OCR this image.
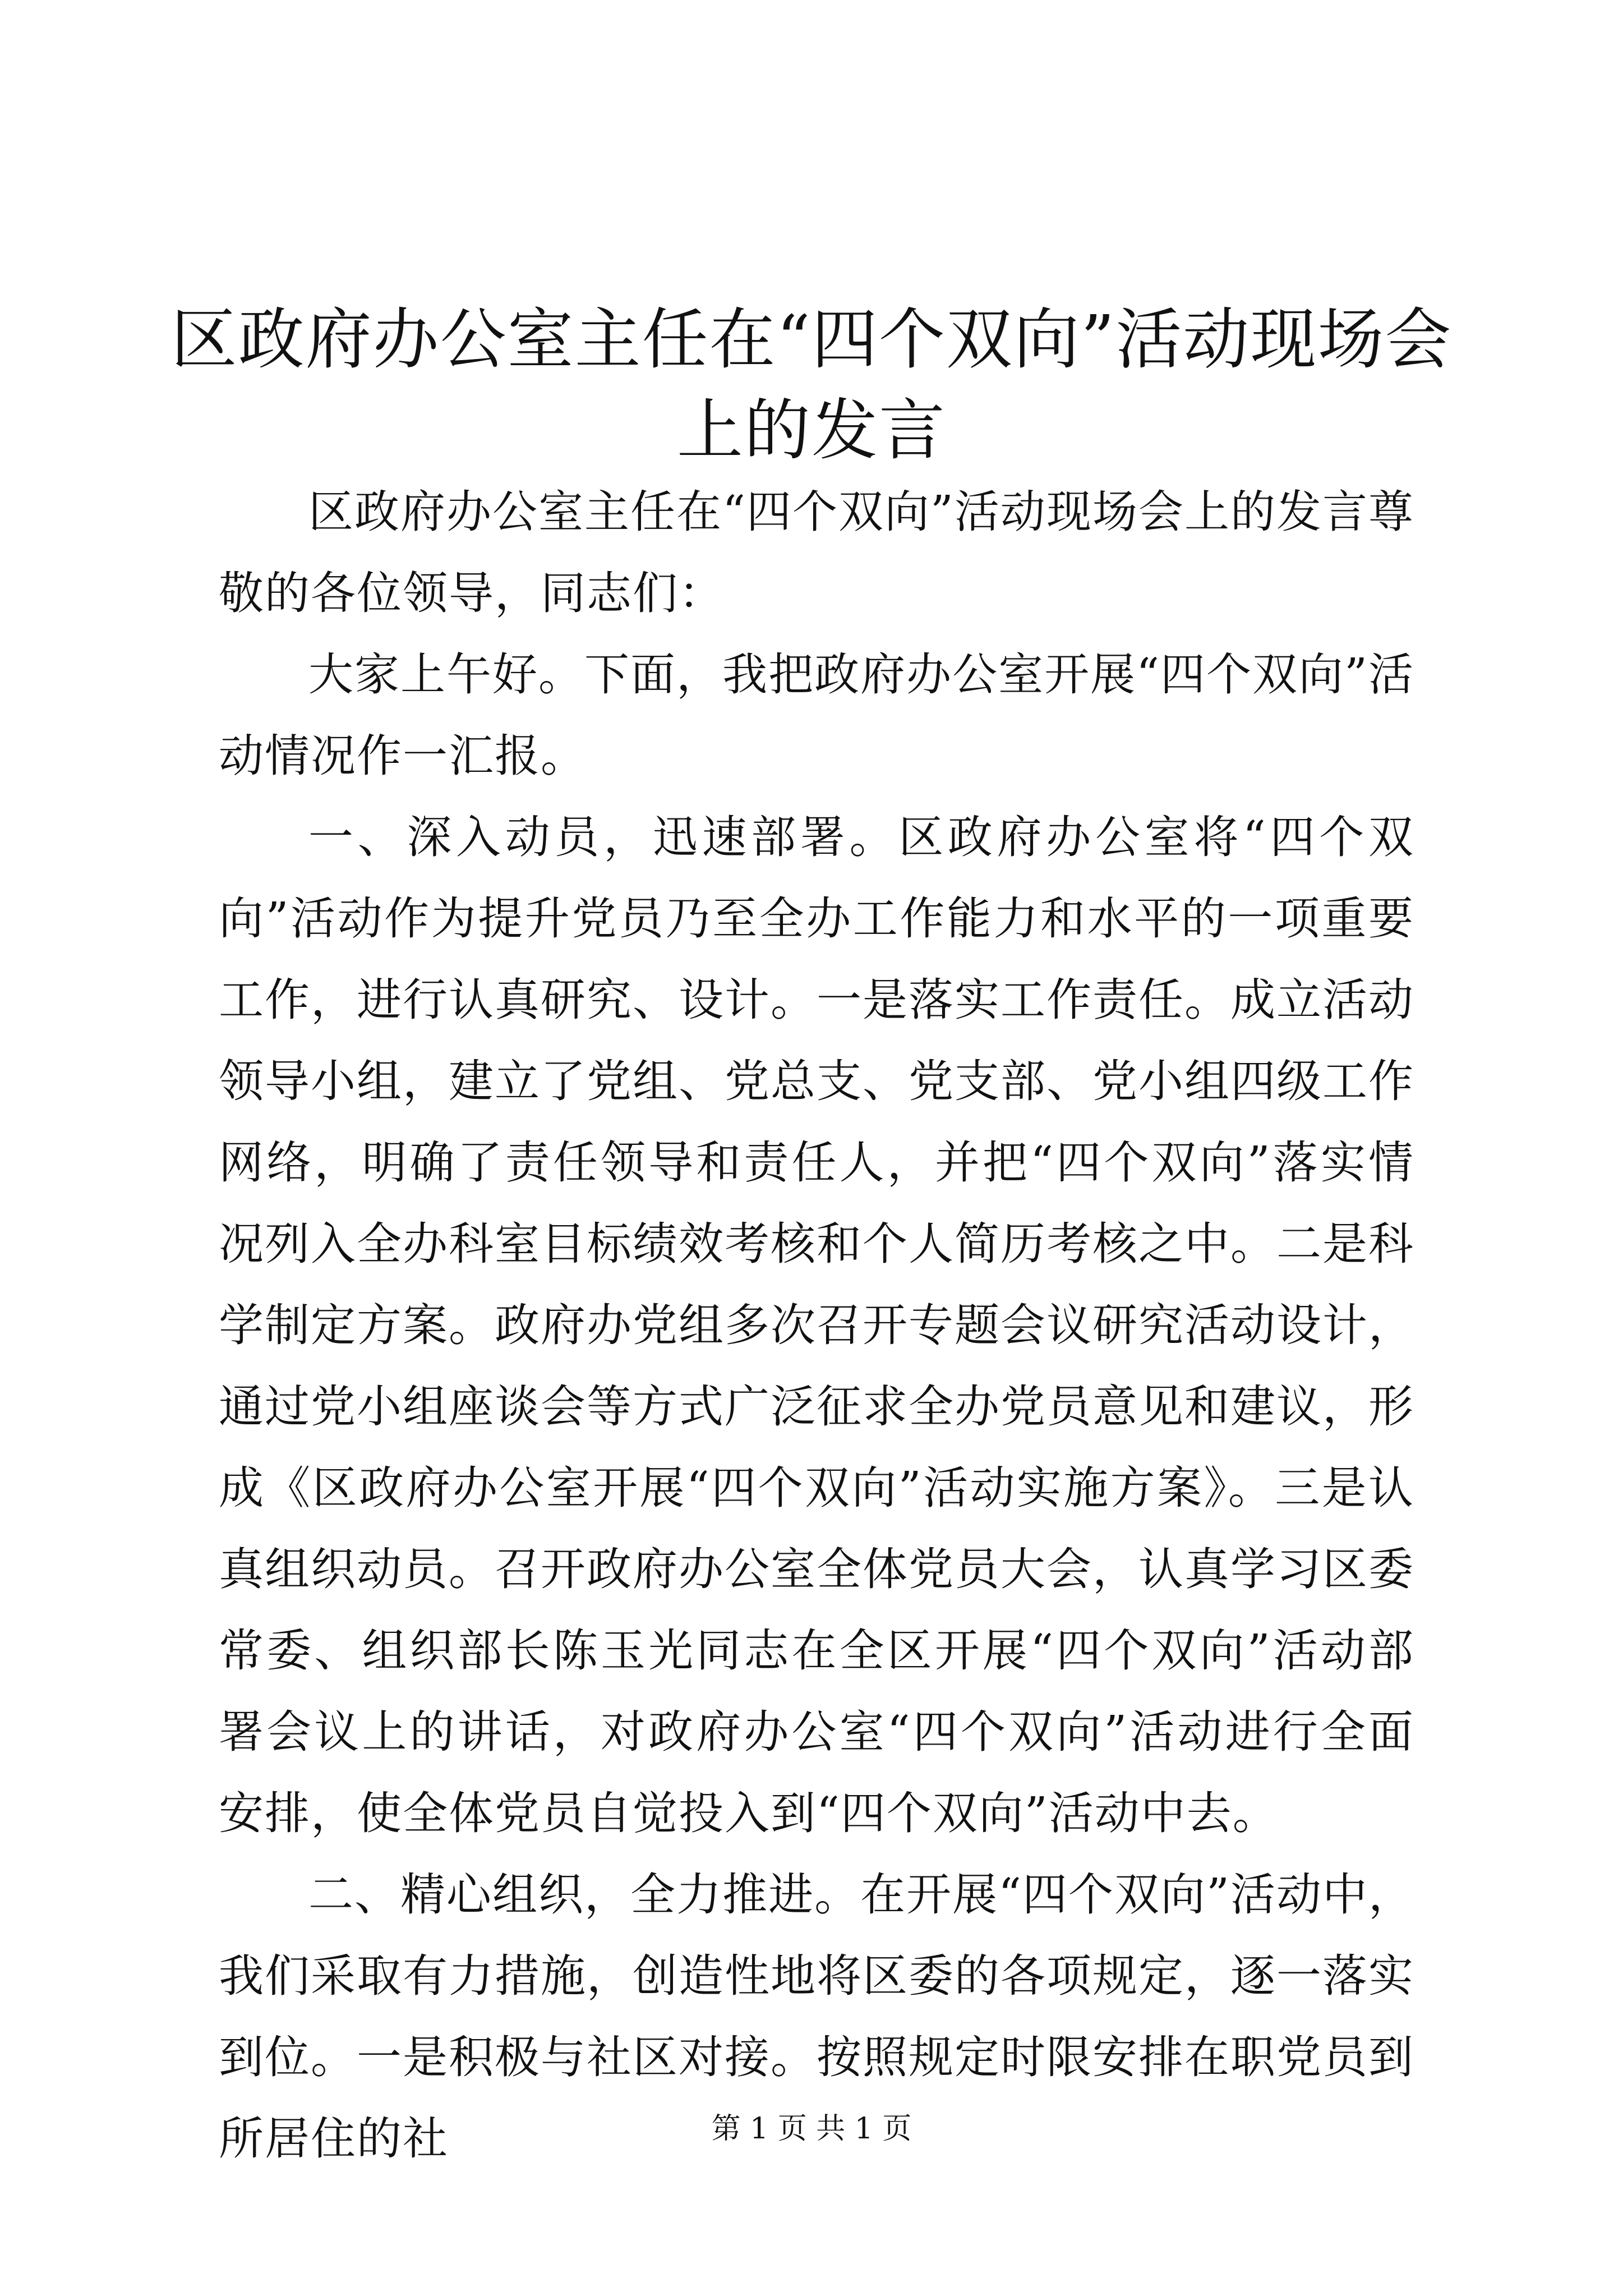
区政府办公室主任在“四个双向”活动现场会上的发言

区政府办公室主任在“四个双向”活动现场会上的发言尊敬的各位领导，同志们：

大家上午好。下面，我把政府办公室开展“四个双向”活动情况作一汇报。

一、深入动员，迅速部署。区政府办公室将“四个双向”活动作为提升党员乃至全办工作能力和水平的一项重要工作，进行认真研究、设计。一是落实工作责任。成立活动领导小组，建立了党组、党总支、党支部、党小组四级工作网络，明确了责任领导和责任人，并把“四个双向”落实情况列入全办科室目标绩效考核和个人简历考核之中。二是科学制定方案。政府办党组多次召开专题会议研究活动设计，通过党小组座谈会等方式广泛征求全办党员意见和建议，形成《区政府办公室开展“四个双向”活动实施方案》。三是认真组织动员。召开政府办公室全体党员大会，认真学习区委常委、组织部长陈玉光同志在全区开展“四个双向”活动部署会议上的讲话，对政府办公室“四个双向”活动进行全面安排，使全体党员自觉投入到“四个双向”活动中去。

二、精心组织，全力推进。在开展“四个双向”活动中，我们采取有力措施，创造性地将区委的各项规定，逐一落实到位。一是积极与社区对接。按照规定时限安排在职党员到所居住的社	第 1 页 共 1 页
